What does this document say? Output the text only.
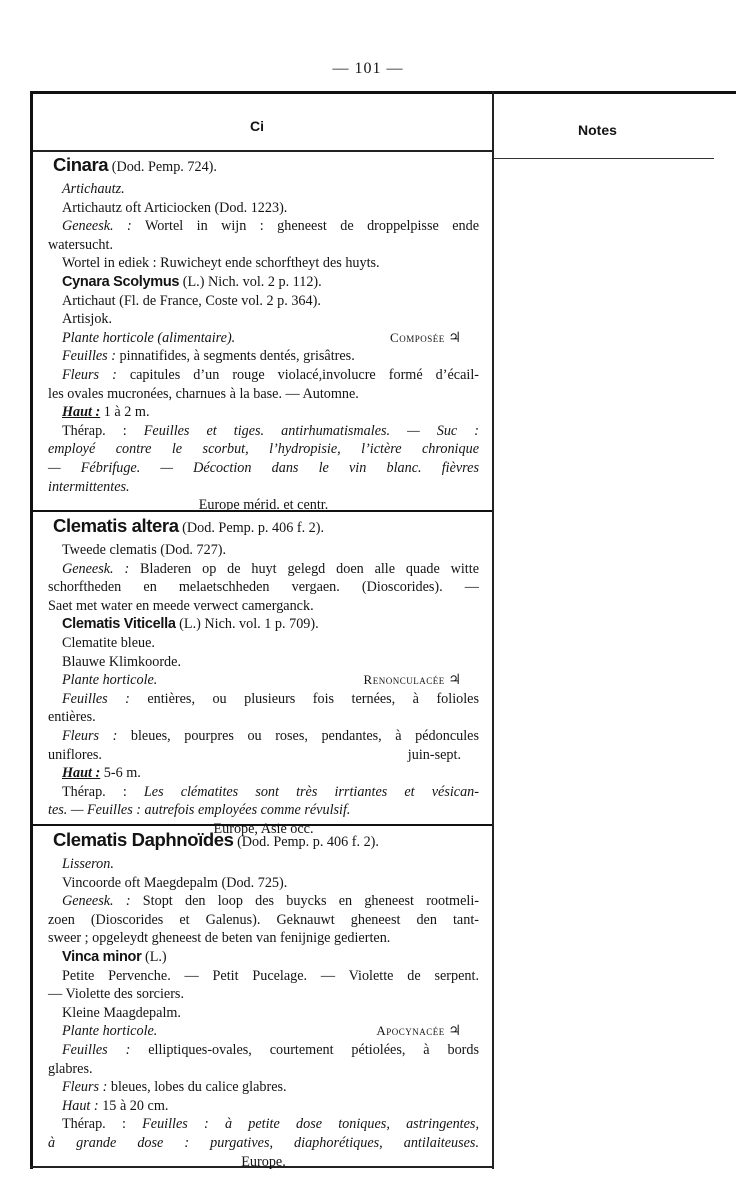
— 101 —
Ci	Notes
Cinara (Dod. Pemp. 724).
Artichautz.
Artichautz oft Articiocken (Dod. 1223).
Geneesk. : Wortel in wijn : gheneest de droppelpisse ende
watersucht.
Wortel in ediek : Ruwicheyt ende schorftheyt des huyts.
Cynara Scolymus (L.) Nich. vol. 2 p. 112).
Artichaut (Fl. de France, Coste vol. 2 p. 364).
Artisjok.
Plante horticole (alimentaire).	Composée ♃
Feuilles : pinnatifides, à segments dentés, grisâtres.
Fleurs : capitules d’un rouge violacé,involucre formé d’écail-
les ovales mucronées, charnues à la base. — Automne.
Haut : 1 à 2 m.
Thérap. : Feuilles et tiges. antirhumatismales. — Suc :
employé contre le scorbut, l’hydropisie, l’ictère chronique
— Fébrifuge. — Décoction dans le vin blanc. fièvres
intermittentes.
Europe mérid. et centr.
Clematis altera (Dod. Pemp. p. 406 f. 2).
Tweede clematis (Dod. 727).
Geneesk. : Bladeren op de huyt gelegd doen alle quade witte
schorftheden en melaetschheden vergaen. (Dioscorides). —
Saet met water en meede verwect camerganck.
Clematis Viticella (L.) Nich. vol. 1 p. 709).
Clematite bleue.
Blauwe Klimkoorde.
Plante horticole.	Renonculacée ♃
Feuilles : entières, ou plusieurs fois ternées, à folioles
entières.
Fleurs : bleues, pourpres ou roses, pendantes, à pédoncules
uniflores.	juin-sept.
Haut : 5-6 m.
Thérap. : Les clématites sont très irrtiantes et vésican-
tes. — Feuilles : autrefois employées comme révulsif.
Europe, Asie occ.
Clematis Daphnoïdes (Dod. Pemp. p. 406 f. 2).
Lisseron.
Vincoorde oft Maegdepalm (Dod. 725).
Geneesk. : Stopt den loop des buycks en gheneest rootmeli-
zoen (Dioscorides et Galenus). Geknauwt gheneest den tant-
sweer ; opgeleydt gheneest de beten van fenijnige gedierten.
Vinca minor (L.)
Petite Pervenche. — Petit Pucelage. — Violette de serpent.
— Violette des sorciers.
Kleine Maagdepalm.
Plante horticole.	Apocynacée ♃
Feuilles : elliptiques-ovales, courtement pétiolées, à bords
glabres.
Fleurs : bleues, lobes du calice glabres.
Haut : 15 à 20 cm.
Thérap. : Feuilles : à petite dose toniques, astringentes,
à grande dose : purgatives, diaphorétiques, antilaiteuses.
Europe.
